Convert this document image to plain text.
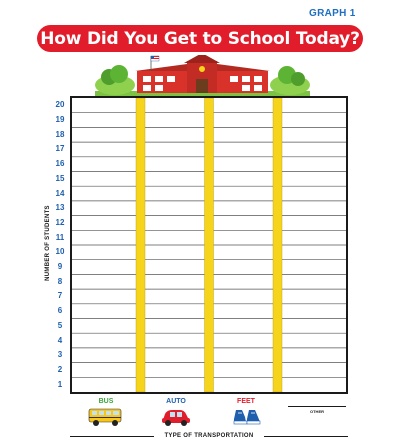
GRAPH 1
How Did You Get to School Today?
1
2
3
4
5
6
7
8
9
10
11
12
13
14
15
16
17
18
19
20
NUMBER OF STUDENTS
BUS	AUTO	FEET
OTHER
TYPE OF TRANSPORTATION
